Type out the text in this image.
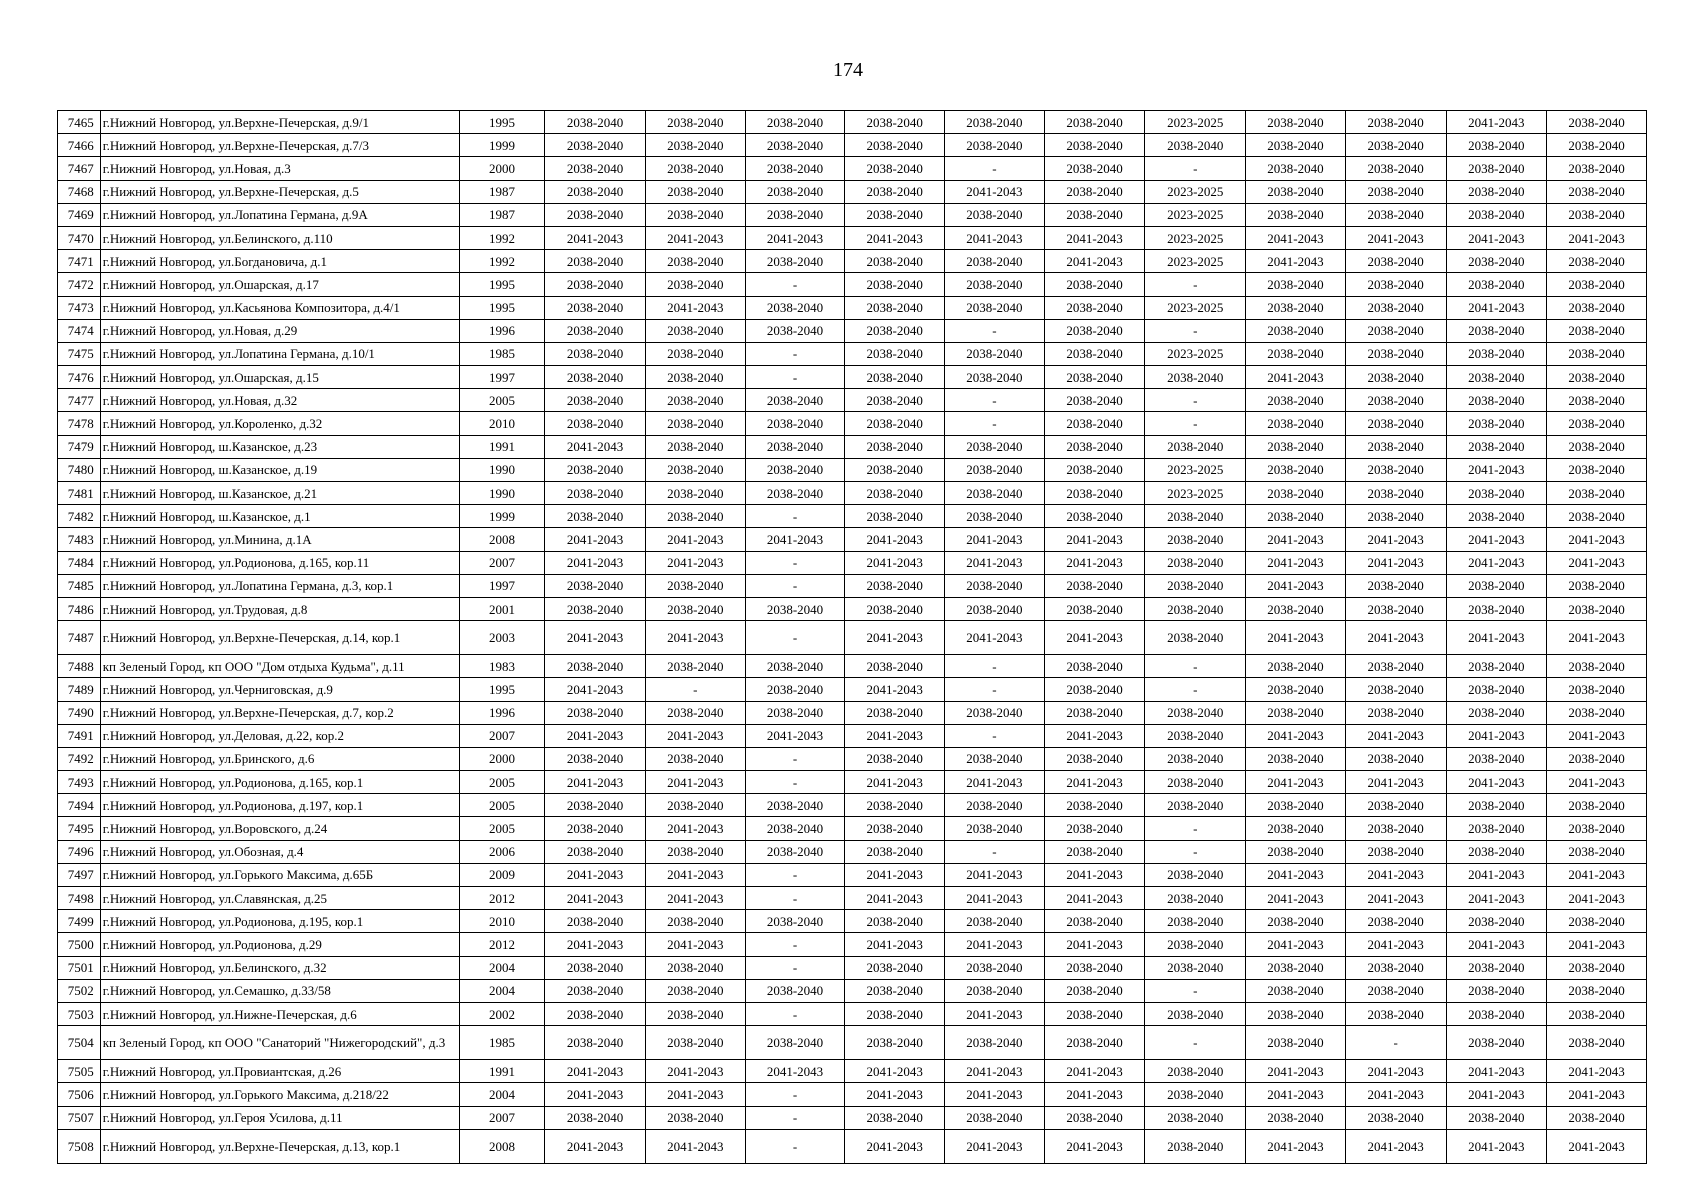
174
7465	г.Нижний Новгород, ул.Верхне-Печерская, д.9/1	1995	2038-2040	2038-2040	2038-2040	2038-2040	2038-2040	2038-2040	2023-2025	2038-2040	2038-2040	2041-2043	2038-2040
7466	г.Нижний Новгород, ул.Верхне-Печерская, д.7/3	1999	2038-2040	2038-2040	2038-2040	2038-2040	2038-2040	2038-2040	2038-2040	2038-2040	2038-2040	2038-2040	2038-2040
7467	г.Нижний Новгород, ул.Новая, д.3	2000	2038-2040	2038-2040	2038-2040	2038-2040	-	2038-2040	-	2038-2040	2038-2040	2038-2040	2038-2040
7468	г.Нижний Новгород, ул.Верхне-Печерская, д.5	1987	2038-2040	2038-2040	2038-2040	2038-2040	2041-2043	2038-2040	2023-2025	2038-2040	2038-2040	2038-2040	2038-2040
7469	г.Нижний Новгород, ул.Лопатина Германа, д.9А	1987	2038-2040	2038-2040	2038-2040	2038-2040	2038-2040	2038-2040	2023-2025	2038-2040	2038-2040	2038-2040	2038-2040
7470	г.Нижний Новгород, ул.Белинского, д.110	1992	2041-2043	2041-2043	2041-2043	2041-2043	2041-2043	2041-2043	2023-2025	2041-2043	2041-2043	2041-2043	2041-2043
7471	г.Нижний Новгород, ул.Богдановича, д.1	1992	2038-2040	2038-2040	2038-2040	2038-2040	2038-2040	2041-2043	2023-2025	2041-2043	2038-2040	2038-2040	2038-2040
7472	г.Нижний Новгород, ул.Ошарская, д.17	1995	2038-2040	2038-2040	-	2038-2040	2038-2040	2038-2040	-	2038-2040	2038-2040	2038-2040	2038-2040
7473	г.Нижний Новгород, ул.Касьянова Композитора, д.4/1	1995	2038-2040	2041-2043	2038-2040	2038-2040	2038-2040	2038-2040	2023-2025	2038-2040	2038-2040	2041-2043	2038-2040
7474	г.Нижний Новгород, ул.Новая, д.29	1996	2038-2040	2038-2040	2038-2040	2038-2040	-	2038-2040	-	2038-2040	2038-2040	2038-2040	2038-2040
7475	г.Нижний Новгород, ул.Лопатина Германа, д.10/1	1985	2038-2040	2038-2040	-	2038-2040	2038-2040	2038-2040	2023-2025	2038-2040	2038-2040	2038-2040	2038-2040
7476	г.Нижний Новгород, ул.Ошарская, д.15	1997	2038-2040	2038-2040	-	2038-2040	2038-2040	2038-2040	2038-2040	2041-2043	2038-2040	2038-2040	2038-2040
7477	г.Нижний Новгород, ул.Новая, д.32	2005	2038-2040	2038-2040	2038-2040	2038-2040	-	2038-2040	-	2038-2040	2038-2040	2038-2040	2038-2040
7478	г.Нижний Новгород, ул.Короленко, д.32	2010	2038-2040	2038-2040	2038-2040	2038-2040	-	2038-2040	-	2038-2040	2038-2040	2038-2040	2038-2040
7479	г.Нижний Новгород, ш.Казанское, д.23	1991	2041-2043	2038-2040	2038-2040	2038-2040	2038-2040	2038-2040	2038-2040	2038-2040	2038-2040	2038-2040	2038-2040
7480	г.Нижний Новгород, ш.Казанское, д.19	1990	2038-2040	2038-2040	2038-2040	2038-2040	2038-2040	2038-2040	2023-2025	2038-2040	2038-2040	2041-2043	2038-2040
7481	г.Нижний Новгород, ш.Казанское, д.21	1990	2038-2040	2038-2040	2038-2040	2038-2040	2038-2040	2038-2040	2023-2025	2038-2040	2038-2040	2038-2040	2038-2040
7482	г.Нижний Новгород, ш.Казанское, д.1	1999	2038-2040	2038-2040	-	2038-2040	2038-2040	2038-2040	2038-2040	2038-2040	2038-2040	2038-2040	2038-2040
7483	г.Нижний Новгород, ул.Минина, д.1А	2008	2041-2043	2041-2043	2041-2043	2041-2043	2041-2043	2041-2043	2038-2040	2041-2043	2041-2043	2041-2043	2041-2043
7484	г.Нижний Новгород, ул.Родионова, д.165, кор.11	2007	2041-2043	2041-2043	-	2041-2043	2041-2043	2041-2043	2038-2040	2041-2043	2041-2043	2041-2043	2041-2043
7485	г.Нижний Новгород, ул.Лопатина Германа, д.3, кор.1	1997	2038-2040	2038-2040	-	2038-2040	2038-2040	2038-2040	2038-2040	2041-2043	2038-2040	2038-2040	2038-2040
7486	г.Нижний Новгород, ул.Трудовая, д.8	2001	2038-2040	2038-2040	2038-2040	2038-2040	2038-2040	2038-2040	2038-2040	2038-2040	2038-2040	2038-2040	2038-2040
7487	г.Нижний Новгород, ул.Верхне-Печерская, д.14, кор.1	2003	2041-2043	2041-2043	-	2041-2043	2041-2043	2041-2043	2038-2040	2041-2043	2041-2043	2041-2043	2041-2043
7488	кп Зеленый Город, кп ООО "Дом отдыха Кудьма", д.11	1983	2038-2040	2038-2040	2038-2040	2038-2040	-	2038-2040	-	2038-2040	2038-2040	2038-2040	2038-2040
7489	г.Нижний Новгород, ул.Черниговская, д.9	1995	2041-2043	-	2038-2040	2041-2043	-	2038-2040	-	2038-2040	2038-2040	2038-2040	2038-2040
7490	г.Нижний Новгород, ул.Верхне-Печерская, д.7, кор.2	1996	2038-2040	2038-2040	2038-2040	2038-2040	2038-2040	2038-2040	2038-2040	2038-2040	2038-2040	2038-2040	2038-2040
7491	г.Нижний Новгород, ул.Деловая, д.22, кор.2	2007	2041-2043	2041-2043	2041-2043	2041-2043	-	2041-2043	2038-2040	2041-2043	2041-2043	2041-2043	2041-2043
7492	г.Нижний Новгород, ул.Бринского, д.6	2000	2038-2040	2038-2040	-	2038-2040	2038-2040	2038-2040	2038-2040	2038-2040	2038-2040	2038-2040	2038-2040
7493	г.Нижний Новгород, ул.Родионова, д.165, кор.1	2005	2041-2043	2041-2043	-	2041-2043	2041-2043	2041-2043	2038-2040	2041-2043	2041-2043	2041-2043	2041-2043
7494	г.Нижний Новгород, ул.Родионова, д.197, кор.1	2005	2038-2040	2038-2040	2038-2040	2038-2040	2038-2040	2038-2040	2038-2040	2038-2040	2038-2040	2038-2040	2038-2040
7495	г.Нижний Новгород, ул.Воровского, д.24	2005	2038-2040	2041-2043	2038-2040	2038-2040	2038-2040	2038-2040	-	2038-2040	2038-2040	2038-2040	2038-2040
7496	г.Нижний Новгород, ул.Обозная, д.4	2006	2038-2040	2038-2040	2038-2040	2038-2040	-	2038-2040	-	2038-2040	2038-2040	2038-2040	2038-2040
7497	г.Нижний Новгород, ул.Горького Максима, д.65Б	2009	2041-2043	2041-2043	-	2041-2043	2041-2043	2041-2043	2038-2040	2041-2043	2041-2043	2041-2043	2041-2043
7498	г.Нижний Новгород, ул.Славянская, д.25	2012	2041-2043	2041-2043	-	2041-2043	2041-2043	2041-2043	2038-2040	2041-2043	2041-2043	2041-2043	2041-2043
7499	г.Нижний Новгород, ул.Родионова, д.195, кор.1	2010	2038-2040	2038-2040	2038-2040	2038-2040	2038-2040	2038-2040	2038-2040	2038-2040	2038-2040	2038-2040	2038-2040
7500	г.Нижний Новгород, ул.Родионова, д.29	2012	2041-2043	2041-2043	-	2041-2043	2041-2043	2041-2043	2038-2040	2041-2043	2041-2043	2041-2043	2041-2043
7501	г.Нижний Новгород, ул.Белинского, д.32	2004	2038-2040	2038-2040	-	2038-2040	2038-2040	2038-2040	2038-2040	2038-2040	2038-2040	2038-2040	2038-2040
7502	г.Нижний Новгород, ул.Семашко, д.33/58	2004	2038-2040	2038-2040	2038-2040	2038-2040	2038-2040	2038-2040	-	2038-2040	2038-2040	2038-2040	2038-2040
7503	г.Нижний Новгород, ул.Нижне-Печерская, д.6	2002	2038-2040	2038-2040	-	2038-2040	2041-2043	2038-2040	2038-2040	2038-2040	2038-2040	2038-2040	2038-2040
7504	кп Зеленый Город, кп ООО "Санаторий "Нижегородский", д.3	1985	2038-2040	2038-2040	2038-2040	2038-2040	2038-2040	2038-2040	-	2038-2040	-	2038-2040	2038-2040
7505	г.Нижний Новгород, ул.Провиантская, д.26	1991	2041-2043	2041-2043	2041-2043	2041-2043	2041-2043	2041-2043	2038-2040	2041-2043	2041-2043	2041-2043	2041-2043
7506	г.Нижний Новгород, ул.Горького Максима, д.218/22	2004	2041-2043	2041-2043	-	2041-2043	2041-2043	2041-2043	2038-2040	2041-2043	2041-2043	2041-2043	2041-2043
7507	г.Нижний Новгород, ул.Героя Усилова, д.11	2007	2038-2040	2038-2040	-	2038-2040	2038-2040	2038-2040	2038-2040	2038-2040	2038-2040	2038-2040	2038-2040
7508	г.Нижний Новгород, ул.Верхне-Печерская, д.13, кор.1	2008	2041-2043	2041-2043	-	2041-2043	2041-2043	2041-2043	2038-2040	2041-2043	2041-2043	2041-2043	2041-2043
